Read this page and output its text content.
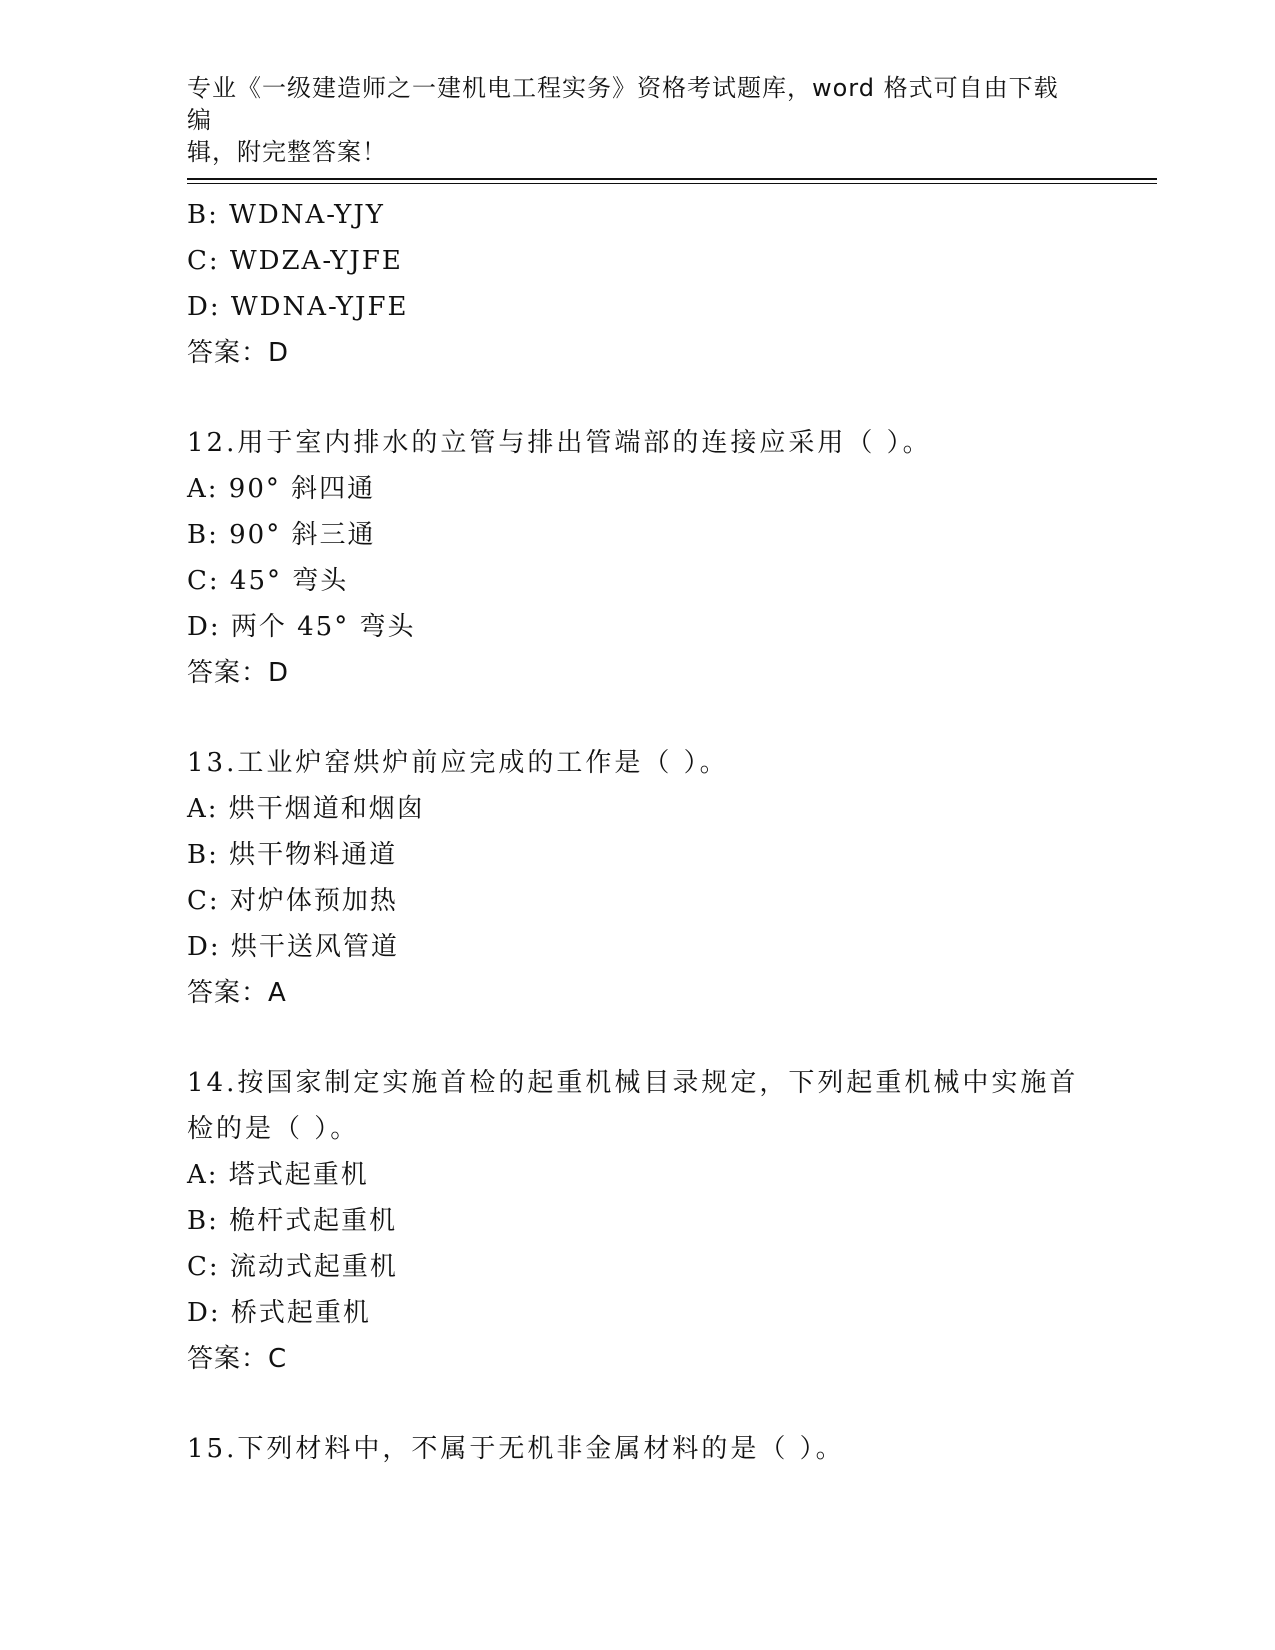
专业《一级建造师之一建机电工程实务》资格考试题库，word 格式可自由下载编
辑，附完整答案！
B: WDNA-YJY
C: WDZA-YJFE
D: WDNA-YJFE
答案：D
12.用于室内排水的立管与排出管端部的连接应采用（ ）。
A: 90° 斜四通
B: 90° 斜三通
C: 45° 弯头
D: 两个 45° 弯头
答案：D
13.工业炉窑烘炉前应完成的工作是（ ）。
A: 烘干烟道和烟囱
B: 烘干物料通道
C: 对炉体预加热
D: 烘干送风管道
答案：A
14.按国家制定实施首检的起重机械目录规定，下列起重机械中实施首
检的是（ ）。
A: 塔式起重机
B: 桅杆式起重机
C: 流动式起重机
D: 桥式起重机
答案：C
15.下列材料中，不属于无机非金属材料的是（ ）。
